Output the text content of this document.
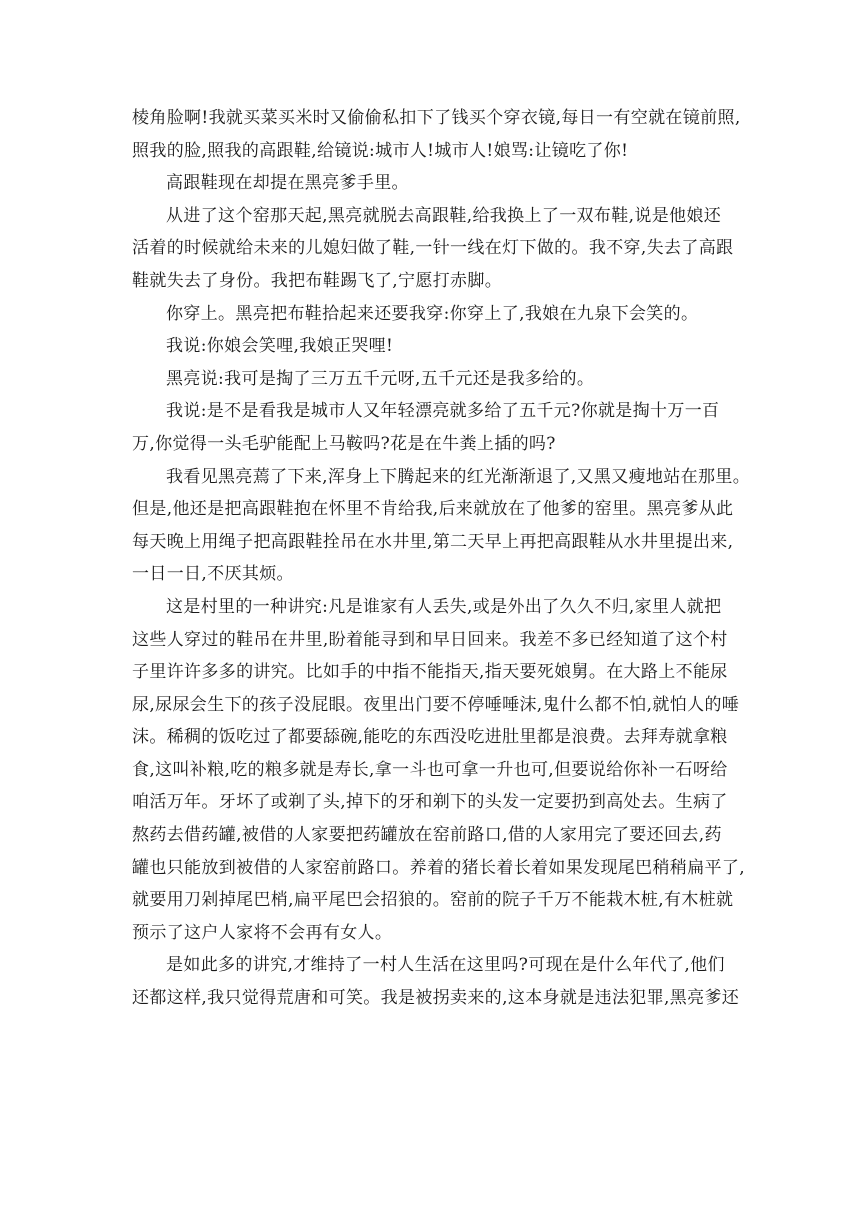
棱角脸啊!我就买菜买米时又偷偷私扣下了钱买个穿衣镜,每日一有空就在镜前照,
照我的脸,照我的高跟鞋,给镜说:城市人!城市人!娘骂:让镜吃了你!
高跟鞋现在却提在黑亮爹手里。
从进了这个窑那天起,黑亮就脱去高跟鞋,给我换上了一双布鞋,说是他娘还
活着的时候就给未来的儿媳妇做了鞋,一针一线在灯下做的。我不穿,失去了高跟
鞋就失去了身份。我把布鞋踢飞了,宁愿打赤脚。
你穿上。黑亮把布鞋拾起来还要我穿:你穿上了,我娘在九泉下会笑的。
我说:你娘会笑哩,我娘正哭哩!
黑亮说:我可是掏了三万五千元呀,五千元还是我多给的。
我说:是不是看我是城市人又年轻漂亮就多给了五千元?你就是掏十万一百
万,你觉得一头毛驴能配上马鞍吗?花是在牛粪上插的吗?
我看见黑亮蔫了下来,浑身上下腾起来的红光渐渐退了,又黑又瘦地站在那里。
但是,他还是把高跟鞋抱在怀里不肯给我,后来就放在了他爹的窑里。黑亮爹从此
每天晚上用绳子把高跟鞋拴吊在水井里,第二天早上再把高跟鞋从水井里提出来,
一日一日,不厌其烦。
这是村里的一种讲究:凡是谁家有人丢失,或是外出了久久不归,家里人就把
这些人穿过的鞋吊在井里,盼着能寻到和早日回来。我差不多已经知道了这个村
子里许许多多的讲究。比如手的中指不能指天,指天要死娘舅。在大路上不能尿
尿,尿尿会生下的孩子没屁眼。夜里出门要不停唾唾沫,鬼什么都不怕,就怕人的唾
沫。稀稠的饭吃过了都要舔碗,能吃的东西没吃进肚里都是浪费。去拜寿就拿粮
食,这叫补粮,吃的粮多就是寿长,拿一斗也可拿一升也可,但要说给你补一石呀给
咱活万年。牙坏了或剃了头,掉下的牙和剃下的头发一定要扔到高处去。生病了
熬药去借药罐,被借的人家要把药罐放在窑前路口,借的人家用完了要还回去,药
罐也只能放到被借的人家窑前路口。养着的猪长着长着如果发现尾巴稍稍扁平了,
就要用刀剁掉尾巴梢,扁平尾巴会招狼的。窑前的院子千万不能栽木桩,有木桩就
预示了这户人家将不会再有女人。
是如此多的讲究,才维持了一村人生活在这里吗?可现在是什么年代了,他们
还都这样,我只觉得荒唐和可笑。我是被拐卖来的,这本身就是违法犯罪,黑亮爹还
